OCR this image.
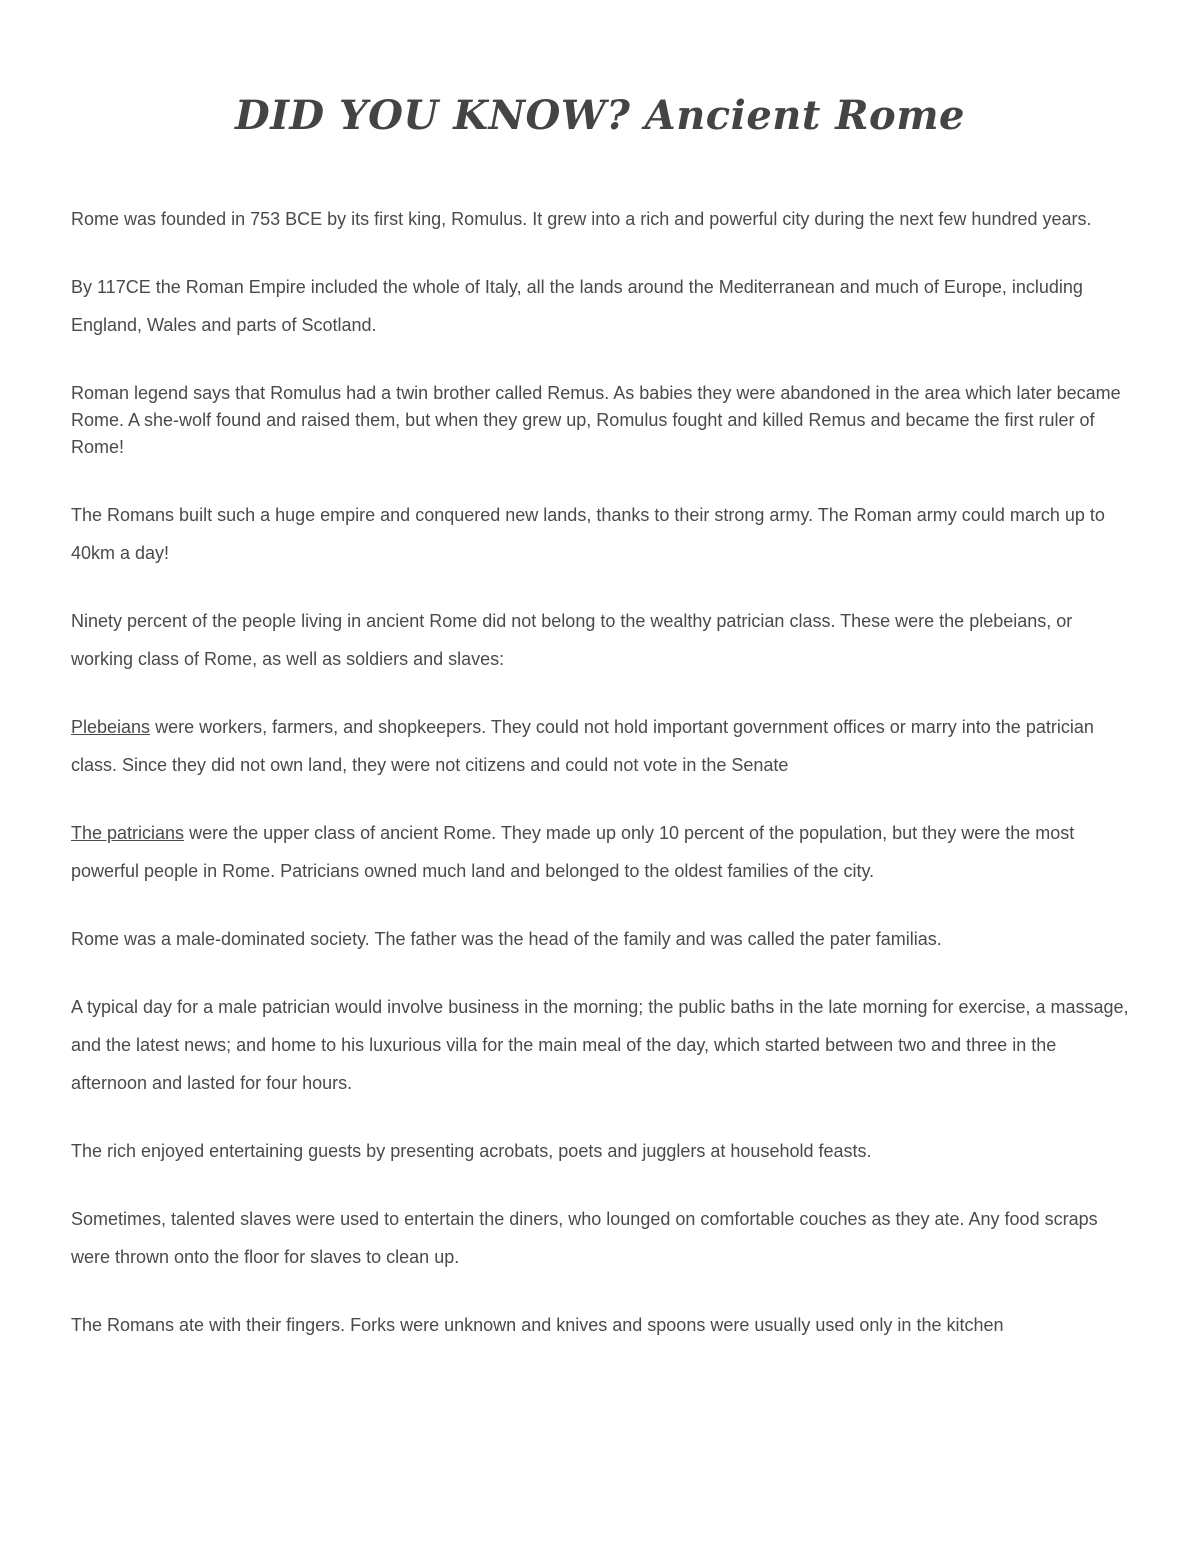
DID YOU KNOW? Ancient Rome

Rome was founded in 753 BCE by its first king, Romulus. It grew into a rich and powerful city during the next few hundred years.

By 117CE the Roman Empire included the whole of Italy, all the lands around the Mediterranean and much of Europe, including England, Wales and parts of Scotland.

Roman legend says that Romulus had a twin brother called Remus. As babies they were abandoned in the area which later became Rome. A she-wolf found and raised them, but when they grew up, Romulus fought and killed Remus and became the first ruler of Rome!

The Romans built such a huge empire and conquered new lands, thanks to their strong army. The Roman army could march up to 40km a day!

Ninety percent of the people living in ancient Rome did not belong to the wealthy patrician class. These were the plebeians, or working class of Rome, as well as soldiers and slaves:

Plebeians were workers, farmers, and shopkeepers. They could not hold important government offices or marry into the patrician class. Since they did not own land, they were not citizens and could not vote in the Senate

The patricians were the upper class of ancient Rome. They made up only 10 percent of the population, but they were the most powerful people in Rome. Patricians owned much land and belonged to the oldest families of the city.

Rome was a male-dominated society. The father was the head of the family and was called the pater familias.

A typical day for a male patrician would involve business in the morning; the public baths in the late morning for exercise, a massage, and the latest news; and home to his luxurious villa for the main meal of the day, which started between two and three in the afternoon and lasted for four hours.

The rich enjoyed entertaining guests by presenting acrobats, poets and jugglers at household feasts.

Sometimes, talented slaves were used to entertain the diners, who lounged on comfortable couches as they ate. Any food scraps were thrown onto the floor for slaves to clean up.

The Romans ate with their fingers. Forks were unknown and knives and spoons were usually used only in the kitchen
